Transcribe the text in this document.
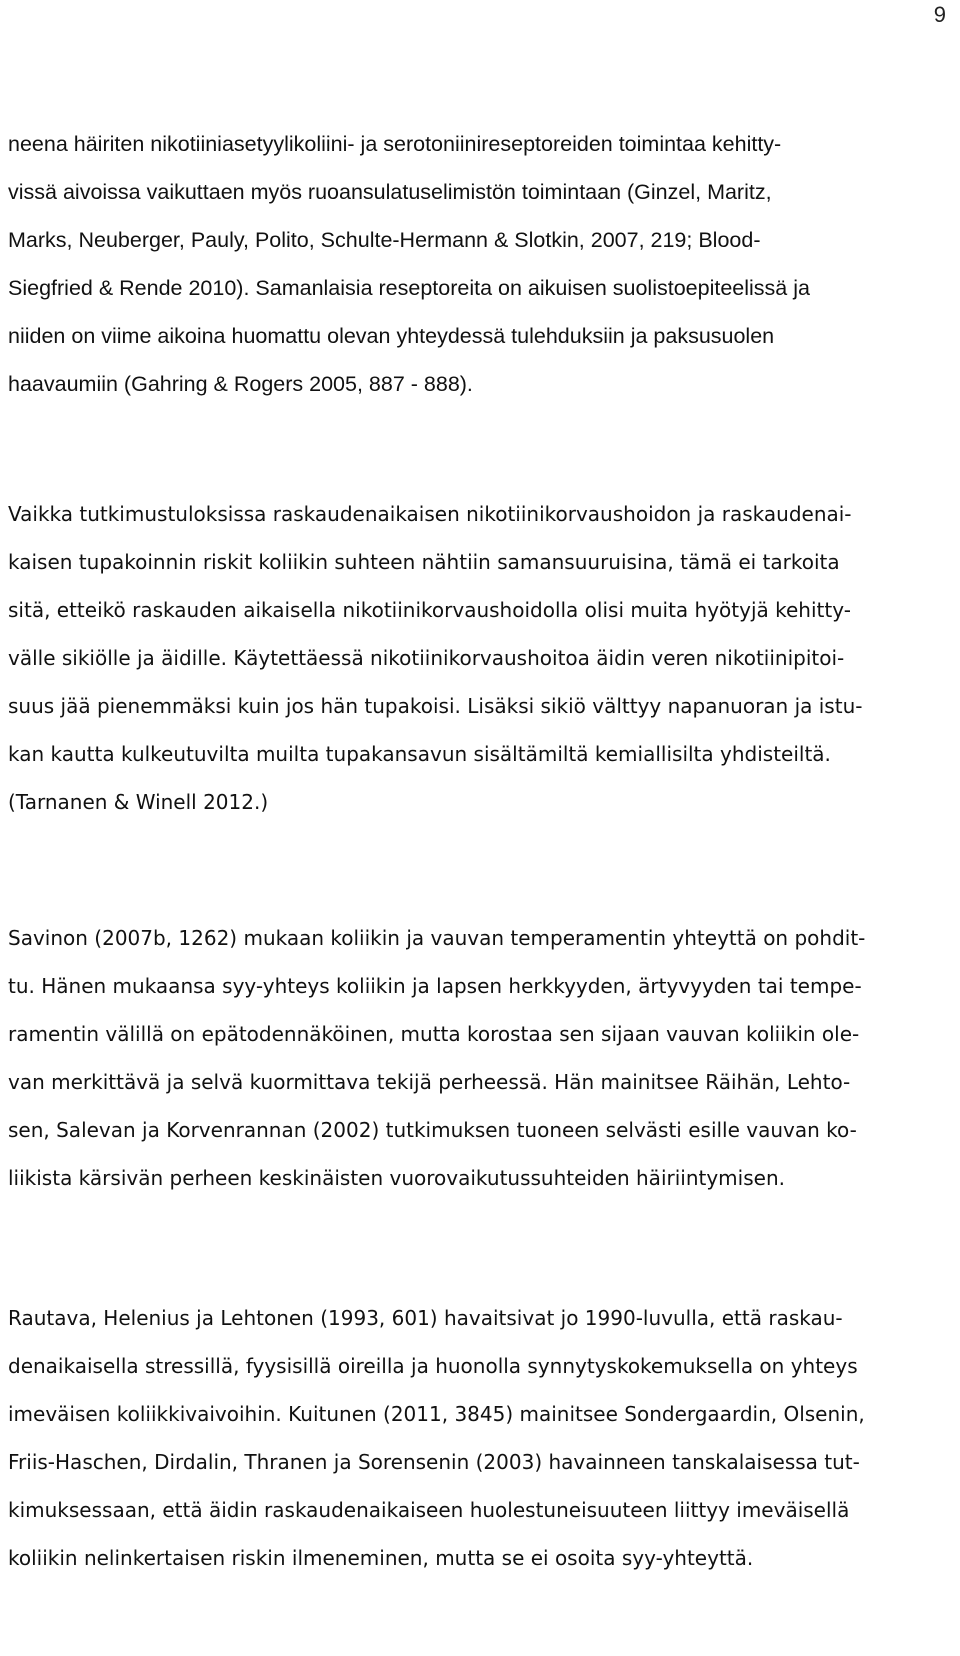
9
neena häiriten nikotiiniasetyylikoliini- ja serotoniinireseptoreiden toimintaa kehitty-
vissä aivoissa vaikuttaen myös ruoansulatuselimistön toimintaan (Ginzel, Maritz,
Marks, Neuberger, Pauly, Polito, Schulte-Hermann & Slotkin, 2007, 219; Blood-
Siegfried & Rende 2010). Samanlaisia reseptoreita on aikuisen suolistoepiteelissä ja
niiden on viime aikoina huomattu olevan yhteydessä tulehduksiin ja paksusuolen
haavaumiin (Gahring & Rogers 2005, 887 - 888).
Vaikka tutkimustuloksissa raskaudenaikaisen nikotiinikorvaushoidon ja raskaudenai-
kaisen tupakoinnin riskit koliikin suhteen nähtiin samansuuruisina, tämä ei tarkoita
sitä, etteikö raskauden aikaisella nikotiinikorvaushoidolla olisi muita hyötyjä kehitty-
välle sikiölle ja äidille. Käytettäessä nikotiinikorvaushoitoa äidin veren nikotiinipitoi-
suus jää pienemmäksi kuin jos hän tupakoisi. Lisäksi sikiö välttyy napanuoran ja istu-
kan kautta kulkeutuvilta muilta tupakansavun sisältämiltä kemiallisilta yhdisteiltä.
(Tarnanen & Winell 2012.)
Savinon (2007b, 1262) mukaan koliikin ja vauvan temperamentin yhteyttä on pohdit-
tu. Hänen mukaansa syy-yhteys koliikin ja lapsen herkkyyden, ärtyvyyden tai tempe-
ramentin välillä on epätodennäköinen, mutta korostaa sen sijaan vauvan koliikin ole-
van merkittävä ja selvä kuormittava tekijä perheessä. Hän mainitsee Räihän, Lehto-
sen, Salevan ja Korvenrannan (2002) tutkimuksen tuoneen selvästi esille vauvan ko-
liikista kärsivän perheen keskinäisten vuorovaikutussuhteiden häiriintymisen.
Rautava, Helenius ja Lehtonen (1993, 601) havaitsivat jo 1990-luvulla, että raskau-
denaikaisella stressillä, fyysisillä oireilla ja huonolla synnytyskokemuksella on yhteys
imeväisen koliikkivaivoihin. Kuitunen (2011, 3845) mainitsee Sondergaardin, Olsenin,
Friis-Haschen, Dirdalin, Thranen ja Sorensenin (2003) havainneen tanskalaisessa tut-
kimuksessaan, että äidin raskaudenaikaiseen huolestuneisuuteen liittyy imeväisellä
koliikin nelinkertaisen riskin ilmeneminen, mutta se ei osoita syy-yhteyttä.
